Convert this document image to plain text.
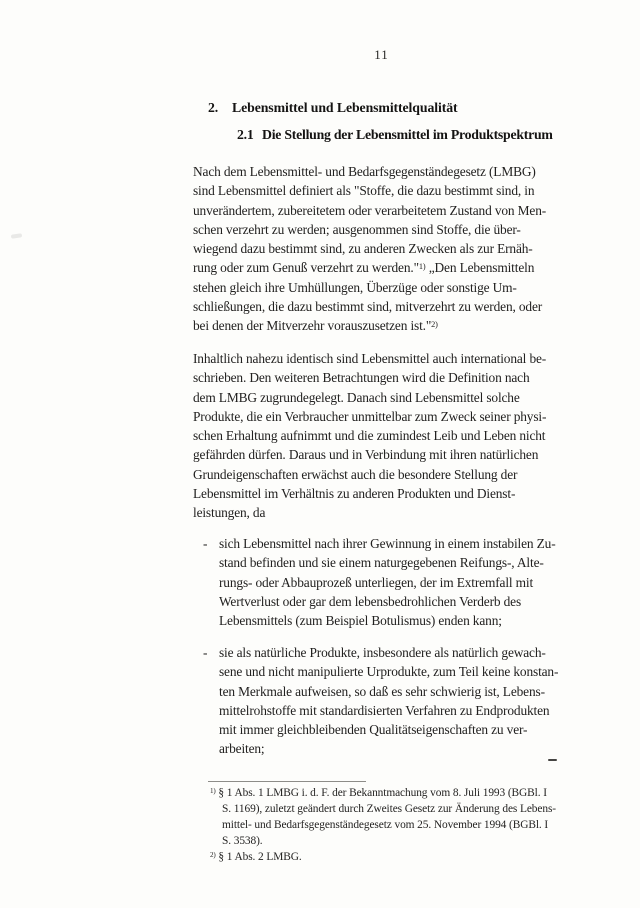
11
2. Lebensmittel und Lebensmittelqualität
2.1 Die Stellung der Lebensmittel im Produktspektrum
Nach dem Lebensmittel- und Bedarfsgegenständegesetz (LMBG)
sind Lebensmittel definiert als "Stoffe, die dazu bestimmt sind, in
unverändertem, zubereitetem oder verarbeitetem Zustand von Men-
schen verzehrt zu werden; ausgenommen sind Stoffe, die über-
wiegend dazu bestimmt sind, zu anderen Zwecken als zur Ernäh-
rung oder zum Genuß verzehrt zu werden."$^{1)}$ „Den Lebensmitteln
stehen gleich ihre Umhüllungen, Überzüge oder sonstige Um-
schließungen, die dazu bestimmt sind, mitverzehrt zu werden, oder
bei denen der Mitverzehr vorauszusetzen ist."$^{2)}$
Inhaltlich nahezu identisch sind Lebensmittel auch international be-
schrieben. Den weiteren Betrachtungen wird die Definition nach
dem LMBG zugrundegelegt. Danach sind Lebensmittel solche
Produkte, die ein Verbraucher unmittelbar zum Zweck seiner physi-
schen Erhaltung aufnimmt und die zumindest Leib und Leben nicht
gefährden dürfen. Daraus und in Verbindung mit ihren natürlichen
Grundeigenschaften erwächst auch die besondere Stellung der
Lebensmittel im Verhältnis zu anderen Produkten und Dienst-
leistungen, da
- sich Lebensmittel nach ihrer Gewinnung in einem instabilen Zu-
stand befinden und sie einem naturgegebenen Reifungs-, Alte-
rungs- oder Abbauprozeß unterliegen, der im Extremfall mit
Wertverlust oder gar dem lebensbedrohlichen Verderb des
Lebensmittels (zum Beispiel Botulismus) enden kann;
- sie als natürliche Produkte, insbesondere als natürlich gewach-
sene und nicht manipulierte Urprodukte, zum Teil keine konstan-
ten Merkmale aufweisen, so daß es sehr schwierig ist, Lebens-
mittelrohstoffe mit standardisierten Verfahren zu Endprodukten
mit immer gleichbleibenden Qualitätseigenschaften zu ver-
arbeiten;
$^{1)}$ § 1 Abs. 1 LMBG i. d. F. der Bekanntmachung vom 8. Juli 1993 (BGBl. I
S. 1169), zuletzt geändert durch Zweites Gesetz zur Änderung des Lebens-
mittel- und Bedarfsgegenständegesetz vom 25. November 1994 (BGBl. I
S. 3538).
$^{2)}$ § 1 Abs. 2 LMBG.
